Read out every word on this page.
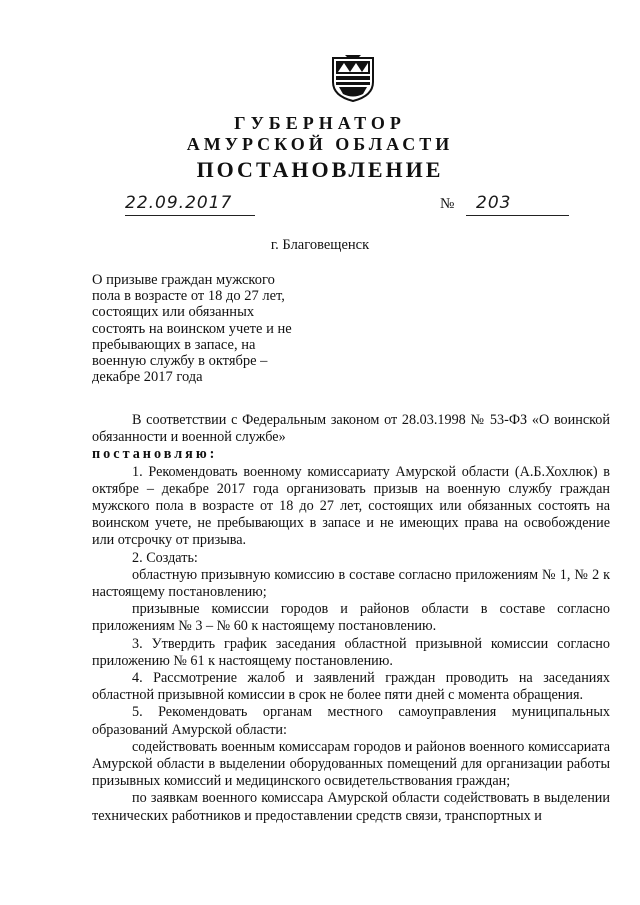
ГУБЕРНАТОР
АМУРСКОЙ ОБЛАСТИ
ПОСТАНОВЛЕНИЕ
22.09.2017	№	203
г. Благовещенск
О призыве граждан мужского
пола в возрасте от 18 до 27 лет,
состоящих или обязанных
состоять на воинском учете и не
пребывающих в запасе, на
военную службу в октябре –
декабре 2017 года
В соответствии с Федеральным законом от 28.03.1998 № 53-ФЗ «О воинской обязанности и военной службе»
постановляю:
1. Рекомендовать военному комиссариату Амурской области (А.Б.Хохлюк) в октябре – декабре 2017 года организовать призыв на военную службу граждан мужского пола в возрасте от 18 до 27 лет, состоящих или обязанных состоять на воинском учете, не пребывающих в запасе и не имеющих права на освобождение или отсрочку от призыва.
2. Создать:
областную призывную комиссию в составе согласно приложениям № 1, № 2 к настоящему постановлению;
призывные комиссии городов и районов области в составе согласно приложениям № 3 – № 60 к настоящему постановлению.
3. Утвердить график заседания областной призывной комиссии согласно приложению № 61 к настоящему постановлению.
4. Рассмотрение жалоб и заявлений граждан проводить на заседаниях областной призывной комиссии в срок не более пяти дней с момента обращения.
5. Рекомендовать органам местного самоуправления муниципальных образований Амурской области:
содействовать военным комиссарам городов и районов военного комиссариата Амурской области в выделении оборудованных помещений для организации работы призывных комиссий и медицинского освидетельствования граждан;
по заявкам военного комиссара Амурской области содействовать в выделении технических работников и предоставлении средств связи, транспортных и
